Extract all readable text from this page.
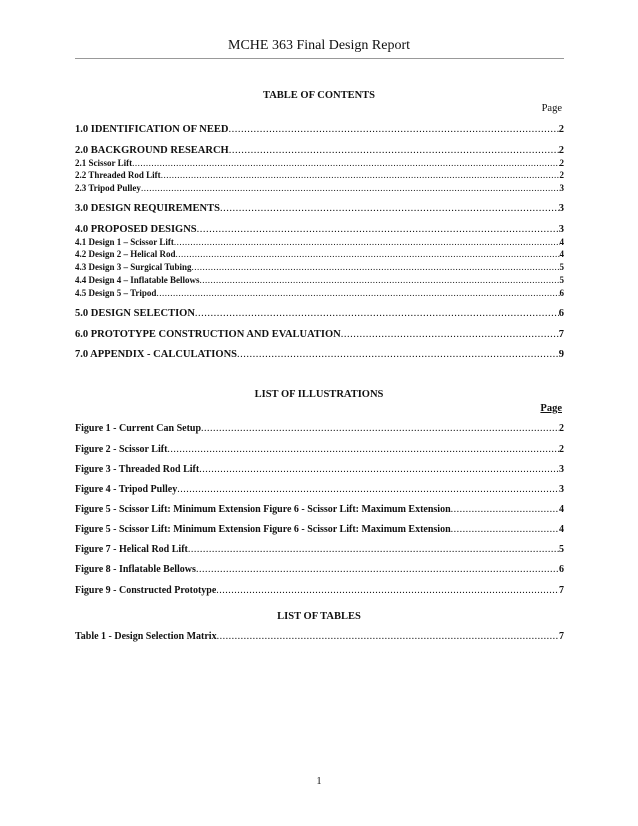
MCHE 363 Final Design Report
TABLE OF CONTENTS
Page
1.0 IDENTIFICATION OF NEED .....	2
2.0 BACKGROUND RESEARCH .....	2
2.1 Scissor Lift .....	2
2.2 Threaded Rod Lift .....	2
2.3 Tripod Pulley .....	3
3.0 DESIGN REQUIREMENTS .....	3
4.0 PROPOSED DESIGNS .....	3
4.1 Design 1 – Scissor Lift .....	4
4.2 Design 2 – Helical Rod .....	4
4.3 Design 3 – Surgical Tubing .....	5
4.4 Design 4 – Inflatable Bellows .....	5
4.5 Design 5 – Tripod .....	6
5.0 DESIGN SELECTION .....	6
6.0 PROTOTYPE CONSTRUCTION AND EVALUATION .....	7
7.0 APPENDIX - CALCULATIONS .....	9
LIST OF ILLUSTRATIONS
Page
Figure 1 - Current Can Setup .....	2
Figure 2 - Scissor Lift .....	2
Figure 3 - Threaded Rod Lift .....	3
Figure 4 - Tripod Pulley .....	3
Figure 5 - Scissor Lift: Minimum Extension Figure 6 - Scissor Lift: Maximum Extension .....	4
Figure 5 - Scissor Lift: Minimum Extension Figure 6 - Scissor Lift: Maximum Extension .....	4
Figure 7 - Helical Rod Lift .....	5
Figure 8 - Inflatable Bellows .....	6
Figure 9 - Constructed Prototype .....	7
LIST OF TABLES
Table 1 - Design Selection Matrix .....	7
1
